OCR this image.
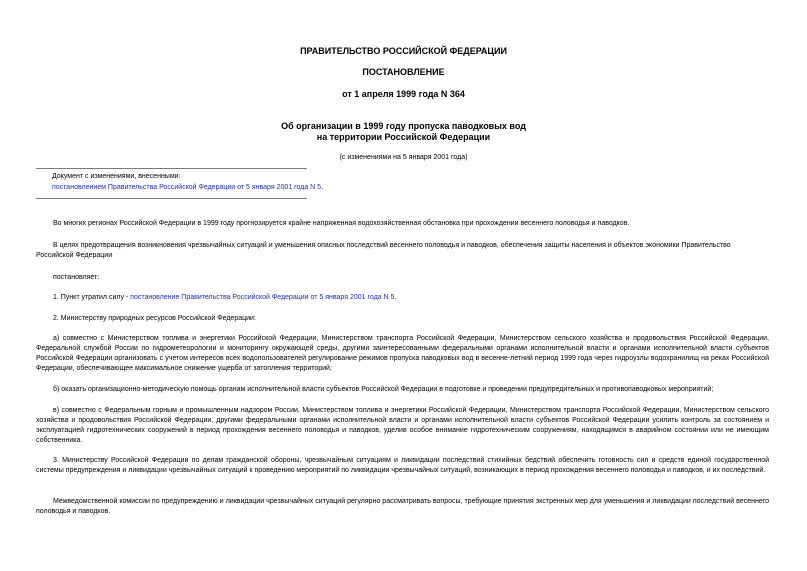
ПРАВИТЕЛЬСТВО РОССИЙСКОЙ ФЕДЕРАЦИИ
ПОСТАНОВЛЕНИЕ
от 1 апреля 1999 года N 364
Об организации в 1999 году пропуска паводковых вод
на территории Российской Федерации
(с изменениями на 5 января 2001 года)
Документ с изменениями, внесенными:
постановлением Правительства Российской Федерации от 5 января 2001 года N 5.
Во многих регионах Российской Федерации в 1999 году прогнозируется крайне напряженная водохозяйственная обстановка при прохождении весеннего половодья и паводков.
В целях предотвращения возникновения чрезвычайных ситуаций и уменьшения опасных последствий весеннего половодья и паводков, обеспечения защиты населения и объектов экономики Правительство Российской Федерации
постановляет:
1. Пункт утратил силу - постановление Правительства Российской Федерации от 5 января 2001 года N 5.
2. Министерству природных ресурсов Российской Федерации:
а) совместно с Министерством топлива и энергетики Российской Федерации, Министерством транспорта Российской Федерации, Министерством сельского хозяйства и продовольствия Российской Федерации, Федеральной службой России по гидрометеорологии и мониторингу окружающей среды, другими заинтересованными федеральными органами исполнительной власти и органами исполнительной власти субъектов Российской Федерации организовать с учетом интересов всех водопользователей регулирование режимов пропуска паводковых вод в весенне-летний период 1999 года через гидроузлы водохранилищ на реках Российской Федерации, обеспечивающее максимальное снижение ущерба от затопления территорий;
б) оказать организационно-методическую помощь органам исполнительной власти субъектов Российской Федерации в подготовке и проведении предупредительных и противопаводковых мероприятий;
в) совместно с Федеральным горным и промышленным надзором России, Министерством топлива и энергетики Российской Федерации, Министерством транспорта Российской Федерации, Министерством сельского хозяйства и продовольствия Российской Федерации, другими федеральными органами исполнительной власти и органами исполнительной власти субъектов Российской Федерации усилить контроль за состоянием и эксплуатацией гидротехнических сооружений в период прохождения весеннего половодья и паводков, уделив особое внимание гидротехническим сооружениям, находящимся в аварийном состоянии или не имеющим собственника.
3. Министерству Российской Федерации по делам гражданской обороны, чрезвычайным ситуациям и ликвидации последствий стихийных бедствий обеспечить готовность сил и средств единой государственной системы предупреждения и ликвидации чрезвычайных ситуаций к проведению мероприятий по ликвидации чрезвычайных ситуаций, возникающих в период прохождения весеннего половодья и паводков, и их последствий.
Межведомственной комиссии по предупреждению и ликвидации чрезвычайных ситуаций регулярно рассматривать вопросы, требующие принятия экстренных мер для уменьшения и ликвидации последствий весеннего половодья и паводков.
